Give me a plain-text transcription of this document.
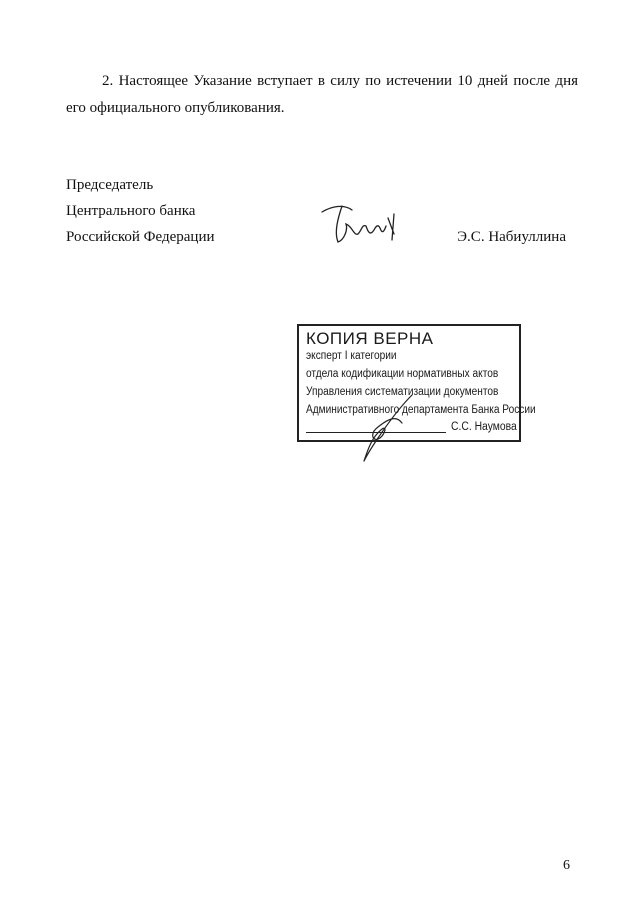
2. Настоящее Указание вступает в силу по истечении 10 дней после дня
его официального опубликования.

Председатель
Центрального банка
Российской Федерации	Э.С. Набиуллина
КОПИЯ ВЕРНА
эксперт I категории
отдела кодификации нормативных актов
Управления систематизации документов
Административного департамента Банка России
С.С. Наумова
6
